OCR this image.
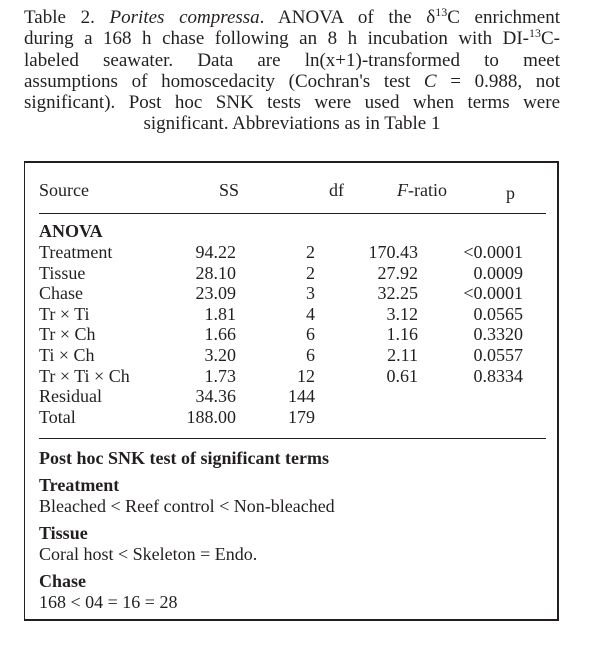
Table 2. Porites compressa. ANOVA of the $\delta^{13}C$ enrichment
during a 168 h chase following an 8 h incubation with DI-$^{13}$C-
labeled seawater. Data are ln(x+1)-transformed to meet
assumptions of homoscedacity (Cochran's test C = 0.988, not
significant). Post hoc SNK tests were used when terms were
significant. Abbreviations as in Table 1
Source	SS	df	F-ratio	p
ANOVA
Treatment	94.22	2	170.43	<0.0001
Tissue	28.10	2	27.92	0.0009
Chase	23.09	3	32.25	<0.0001
Tr × Ti	1.81	4	3.12	0.0565
Tr × Ch	1.66	6	1.16	0.3320
Ti × Ch	3.20	6	2.11	0.0557
Tr × Ti × Ch	1.73	12	0.61	0.8334
Residual	34.36	144
Total	188.00	179
Post hoc SNK test of significant terms
Treatment
Bleached < Reef control < Non-bleached
Tissue
Coral host < Skeleton = Endo.
Chase
168 < 04 = 16 = 28
